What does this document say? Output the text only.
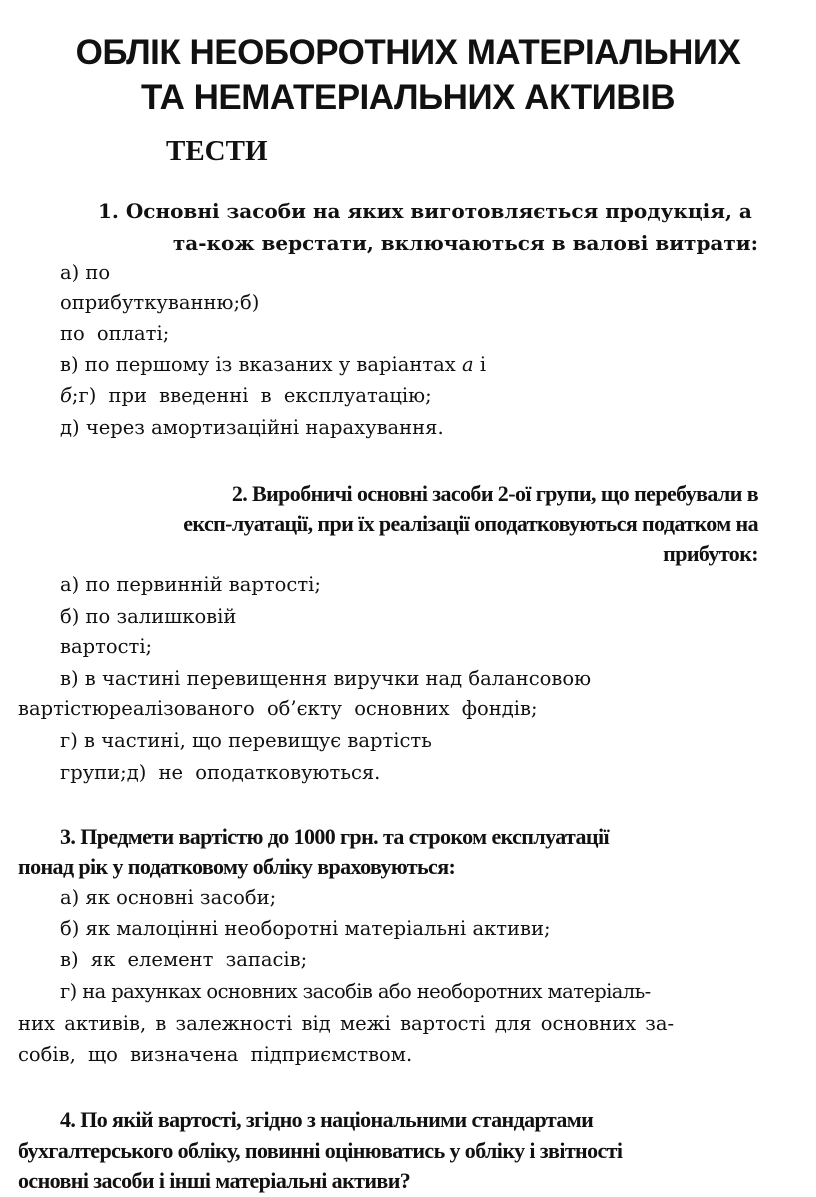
ОБЛІК НЕОБОРОТНИХ МАТЕРІАЛЬНИХ
ТА НЕМАТЕРІАЛЬНИХ АКТИВІВ
ТЕСТИ

1. Основні засоби на яких виготовляється продукція, а

та-кож верстати, включаються в валові витрати:

а) по

оприбуткуванню;б)

по оплаті;

в) по першому із вказаних у варіантах а і

б;г) при введенні в експлуатацію;

д) через амортизаційні нарахування.

2. Виробничі основні засоби 2-ої групи, що перебували в

експ-луатації, при їх реалізації оподатковуються податком на

прибуток:

а) по первинній вартості;

б) по залишковій

вартості;

в) в частині перевищення виручки над балансовою

вартістюреалізованого об’єкту основних фондів;

г) в частині, що перевищує вартість

групи;д) не оподатковуються.

3. Предмети вартістю до 1000 грн. та строком експлуатації

понад рік у податковому обліку враховуються:

а) як основні засоби;

б) як малоцінні необоротні матеріальні активи;

в) як елемент запасів;

г) на рахунках основних засобів або необоротних матеріаль-

них активів, в залежності від межі вартості для основних за-

собів, що визначена підприємством.

4. По якій вартості, згідно з національними стандартами

бухгалтерського обліку, повинні оцінюватись у обліку і звітності

основні засоби і інші матеріальні активи?
